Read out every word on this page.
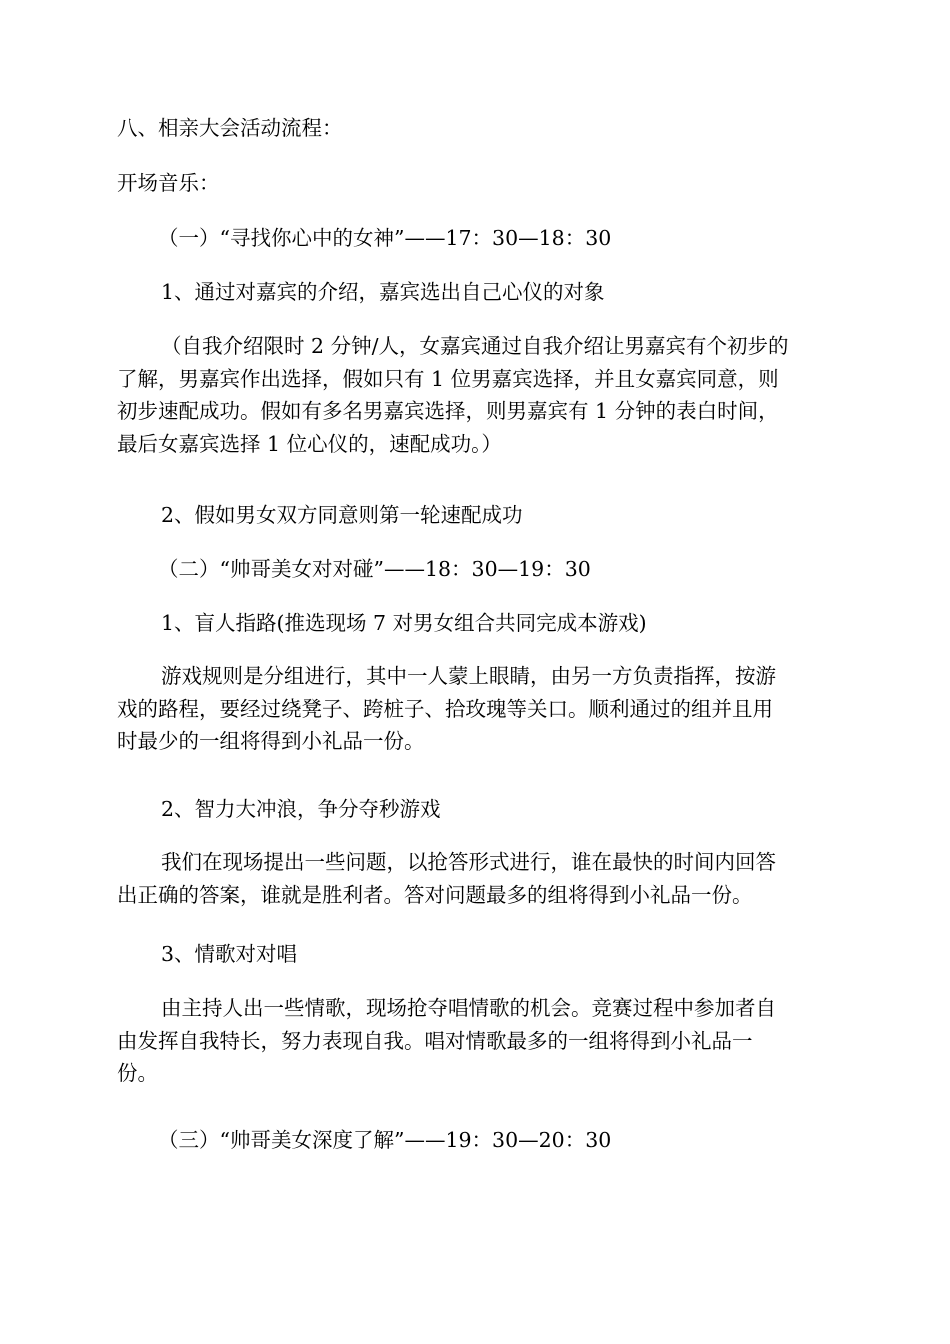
八、相亲大会活动流程：

开场音乐：

（一）“寻找你心中的女神”——17：30—18：30

1、通过对嘉宾的介绍，嘉宾选出自己心仪的对象

（自我介绍限时 2 分钟/人，女嘉宾通过自我介绍让男嘉宾有个初步的
了解，男嘉宾作出选择，假如只有 1 位男嘉宾选择，并且女嘉宾同意，则
初步速配成功。假如有多名男嘉宾选择，则男嘉宾有 1 分钟的表白时间，
最后女嘉宾选择 1 位心仪的，速配成功。）

2、假如男女双方同意则第一轮速配成功

（二）“帅哥美女对对碰”——18：30—19：30

1、盲人指路(推选现场 7 对男女组合共同完成本游戏)

游戏规则是分组进行，其中一人蒙上眼睛，由另一方负责指挥，按游
戏的路程，要经过绕凳子、跨桩子、拾玫瑰等关口。顺利通过的组并且用
时最少的一组将得到小礼品一份。

2、智力大冲浪，争分夺秒游戏

我们在现场提出一些问题，以抢答形式进行，谁在最快的时间内回答
出正确的答案，谁就是胜利者。答对问题最多的组将得到小礼品一份。

3、情歌对对唱

由主持人出一些情歌，现场抢夺唱情歌的机会。竞赛过程中参加者自
由发挥自我特长，努力表现自我。唱对情歌最多的一组将得到小礼品一
份。

（三）“帅哥美女深度了解”——19：30—20：30
